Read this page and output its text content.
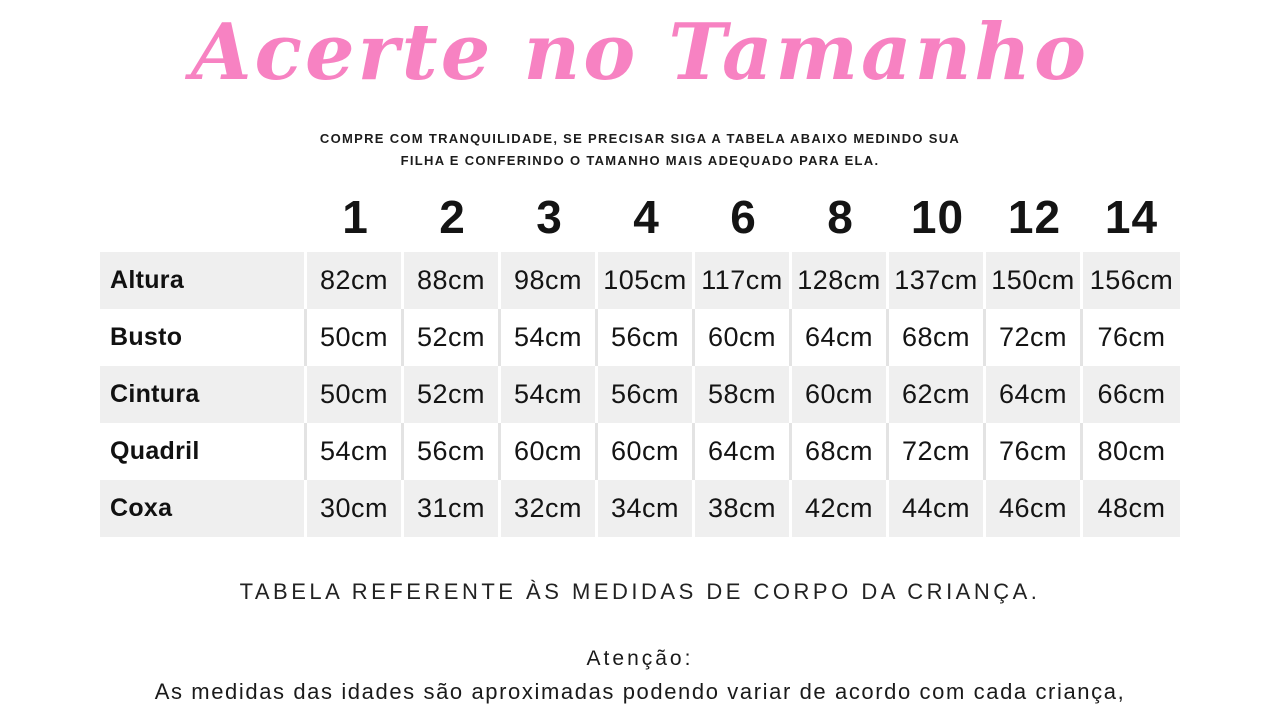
Acerte no Tamanho

COMPRE COM TRANQUILIDADE, SE PRECISAR SIGA A TABELA ABAIXO MEDINDO SUA
FILHA E CONFERINDO O TAMANHO MAIS ADEQUADO PARA ELA.

1	2	3	4	6	8	10 12 14
Altura	82cm	88cm	98cm 105cm 117cm 128cm 137cm 150cm 156cm
Busto	50cm	52cm	54cm	56cm	60cm	64cm	68cm	72cm	76cm
Cintura	50cm	52cm	54cm	56cm	58cm	60cm	62cm	64cm	66cm
Quadril	54cm	56cm	60cm	60cm	64cm	68cm	72cm	76cm	80cm
Coxa	30cm	31cm	32cm	34cm	38cm	42cm	44cm	46cm	48cm

TABELA REFERENTE ÀS MEDIDAS DE CORPO DA CRIANÇA.

Atenção:

As medidas das idades são aproximadas podendo variar de acordo com cada criança,
